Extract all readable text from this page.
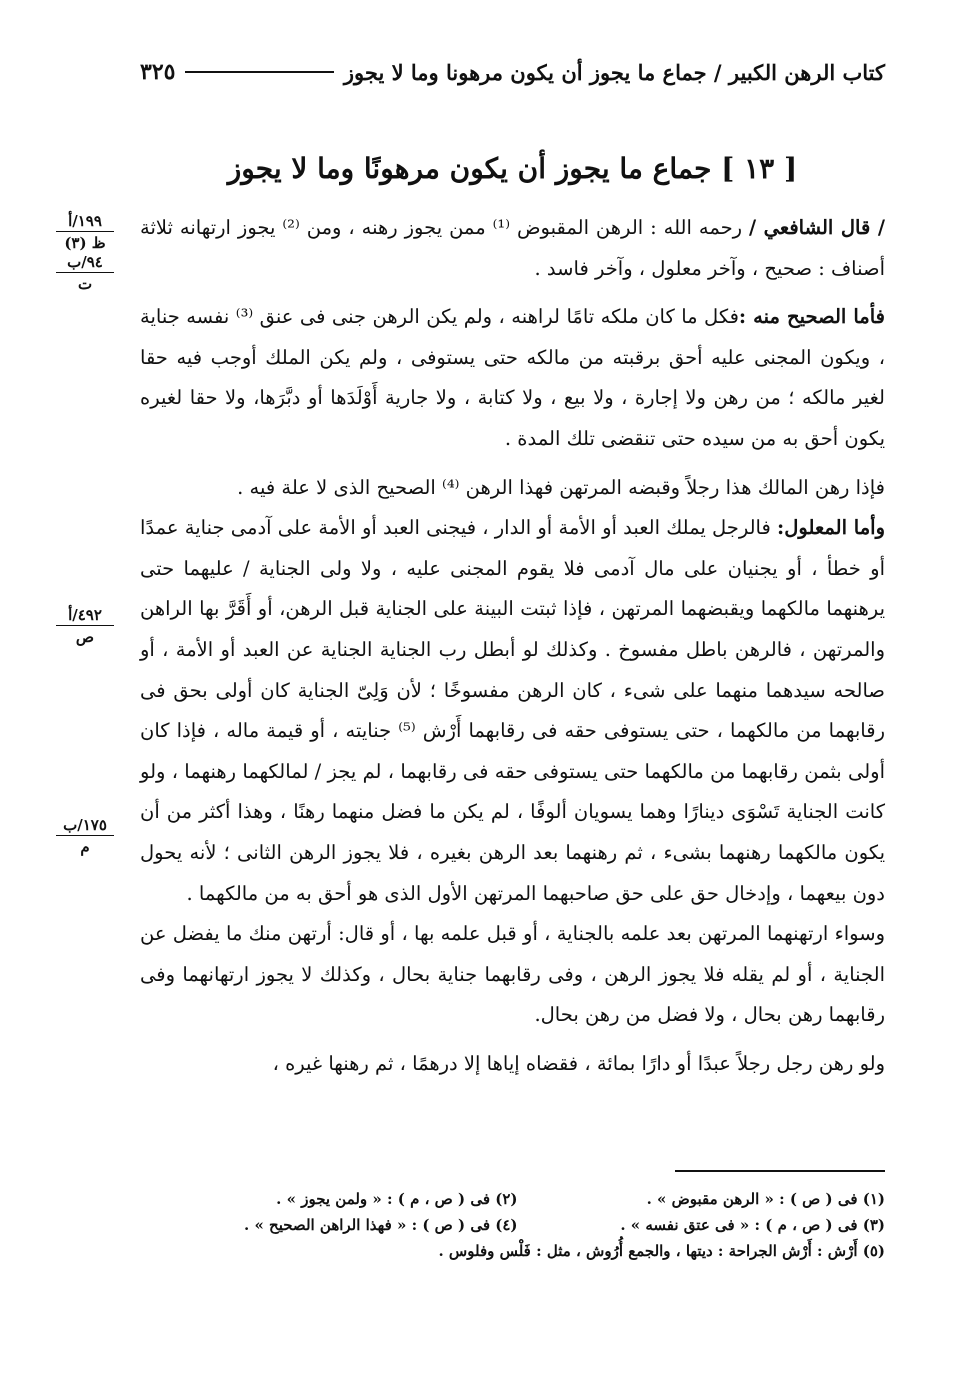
كتاب الرهن الكبير / جماع ما يجوز أن يكون مرهونا وما لا يجوز
٣٢٥
[ ١٣ ] جماع ما يجوز أن يكون مرهونًا وما لا يجوز

/ قال الشافعي / رحمه الله : الرهن المقبوض ⁽¹⁾ ممن يجوز رهنه ، ومن ⁽²⁾ يجوز ارتهانه ثلاثة أصناف : صحيح ، وآخر معلول ، وآخر فاسد .

فأما الصحيح منه :فكل ما كان ملكه تامًا لراهنه ، ولم يكن الرهن جنى فى عنق ⁽³⁾ نفسه جناية ، ويكون المجنى عليه أحق برقبته من مالكه حتى يستوفى ، ولم يكن الملك أوجب فيه حقا لغير مالكه ؛ من رهن ولا إجارة ، ولا بيع ، ولا كتابة ، ولا جارية أَوْلَدَها أو دبَّرَها، ولا حقا لغيره يكون أحق به من سيده حتى تنقضى تلك المدة .

فإذا رهن المالك هذا رجلاً وقبضه المرتهن فهذا الرهن ⁽⁴⁾ الصحيح الذى لا علة فيه .

وأما المعلول: فالرجل يملك العبد أو الأمة أو الدار ، فيجنى العبد أو الأمة على آدمى جناية عمدًا أو خطأ ، أو يجنيان على مال آدمى فلا يقوم المجنى عليه ، ولا ولى الجناية / عليهما حتى يرهنهما مالكهما ويقبضهما المرتهن ، فإذا ثبتت البينة على الجناية قبل الرهن، أو أَقَرَّ بها الراهن والمرتهن ، فالرهن باطل مفسوخ . وكذلك لو أبطل رب الجناية الجناية عن العبد أو الأمة ، أو صالحه سيدهما منهما على شىء ، كان الرهن مفسوخًا ؛ لأن وَلِىّ الجناية كان أولى بحق فى رقابهما من مالكهما ، حتى يستوفى حقه فى رقابهما أَرْش ⁽⁵⁾ جنايته ، أو قيمة ماله ، فإذا كان أولى بثمن رقابهما من مالكهما حتى يستوفى حقه فى رقابهما ، لم يجز / لمالكهما رهنهما ، ولو كانت الجناية تَسْوَى دينارًا وهما يسويان ألوفًا ، لم يكن ما فضل منهما رهنًا ، وهذا أكثر من أن يكون مالكهما رهنهما بشىء ، ثم رهنهما بعد الرهن بغيره ، فلا يجوز الرهن الثانى ؛ لأنه يحول دون بيعهما ، وإدخال حق على حق صاحبهما المرتهن الأول الذى هو أحق به من مالكهما .

وسواء ارتهنهما المرتهن بعد علمه بالجناية ، أو قبل علمه بها ، أو قال: أرتهن منك ما يفضل عن الجناية ، أو لم يقله فلا يجوز الرهن ، وفى رقابهما جناية بحال ، وكذلك لا يجوز ارتهانهما وفى رقابهما رهن بحال ، ولا فضل من رهن بحال.

ولو رهن رجل رجلاً عبدًا أو دارًا بمائة ، فقضاه إياها إلا درهمًا ، ثم رهنها غيره ،

١٩٩/أ
ظ (٣)
٩٤/ب
ت
٤٩٢/أ
ص
١٧٥/ب
م
(١) فى ( ص ) : « الرهن مقبوض » .
(٢) فى ( ص ، م ) : « ولمن يجوز » .
(٣) فى ( ص ، م ) : « فى عتق نفسه » .
(٤) فى ( ص ) : « فهذا الراهن الصحيح » .
(٥) أَرْش : أَرْش الجراحة : ديتها ، والجمع أُرُوش ، مثل : فَلْس وفلوس .
